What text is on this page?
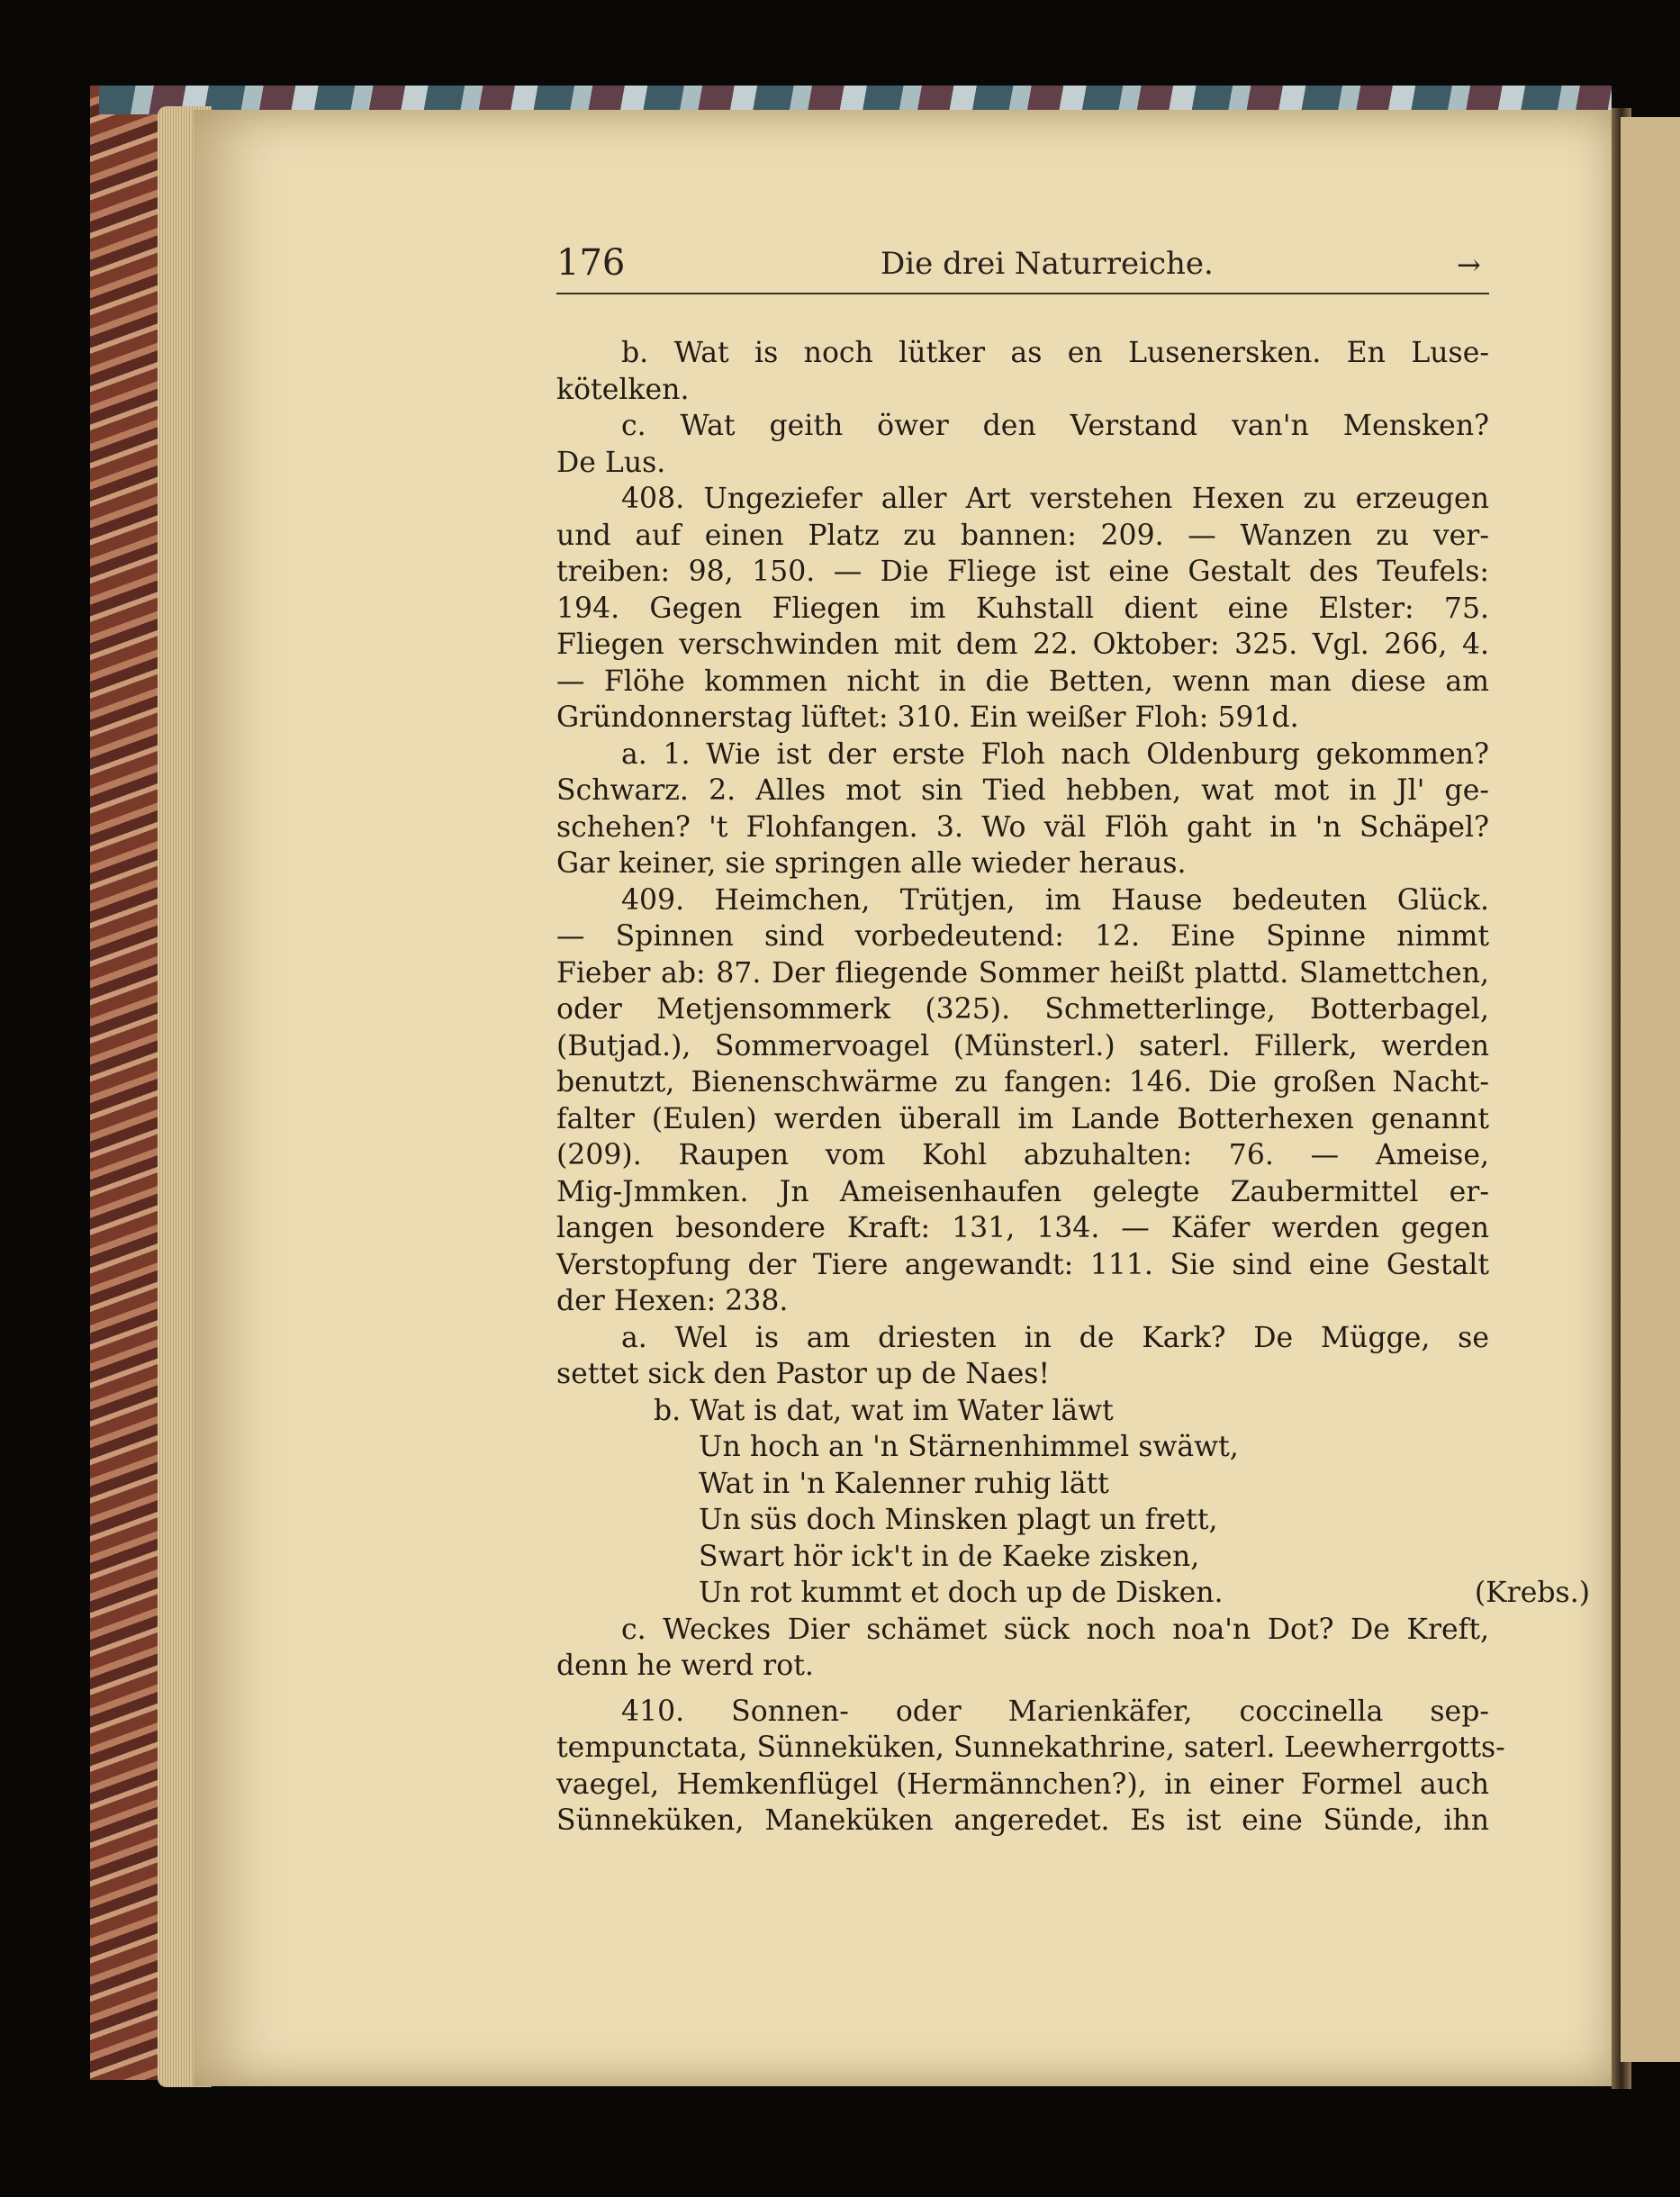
176	Die drei Naturreiche.	→
b. Wat is noch lütker as en Lusenersken. En Luse-
kötelken.
c. Wat geith öwer den Verstand van'n Mensken?
De Lus.
408. Ungeziefer aller Art verstehen Hexen zu erzeugen
und auf einen Platz zu bannen: 209. — Wanzen zu ver-
treiben: 98, 150. — Die Fliege ist eine Gestalt des Teufels:
194. Gegen Fliegen im Kuhstall dient eine Elster: 75.
Fliegen verschwinden mit dem 22. Oktober: 325. Vgl. 266, 4.
— Flöhe kommen nicht in die Betten, wenn man diese am
Gründonnerstag lüftet: 310. Ein weißer Floh: 591d.
a. 1. Wie ist der erste Floh nach Oldenburg gekommen?
Schwarz. 2. Alles mot sin Tied hebben, wat mot in Jl' ge-
schehen? 't Flohfangen. 3. Wo väl Flöh gaht in 'n Schäpel?
Gar keiner, sie springen alle wieder heraus.
409. Heimchen, Trütjen, im Hause bedeuten Glück.
— Spinnen sind vorbedeutend: 12. Eine Spinne nimmt
Fieber ab: 87. Der fliegende Sommer heißt plattd. Slamettchen,
oder Metjensommerk (325). Schmetterlinge, Botterbagel,
(Butjad.), Sommervoagel (Münsterl.) saterl. Fillerk, werden
benutzt, Bienenschwärme zu fangen: 146. Die großen Nacht-
falter (Eulen) werden überall im Lande Botterhexen genannt
(209). Raupen vom Kohl abzuhalten: 76. — Ameise,
Mig-Jmmken. Jn Ameisenhaufen gelegte Zaubermittel er-
langen besondere Kraft: 131, 134. — Käfer werden gegen
Verstopfung der Tiere angewandt: 111. Sie sind eine Gestalt
der Hexen: 238.
a. Wel is am driesten in de Kark? De Mügge, se
settet sick den Pastor up de Naes!
b. Wat is dat, wat im Water läwt
Un hoch an 'n Stärnenhimmel swäwt,
Wat in 'n Kalenner ruhig lätt
Un süs doch Minsken plagt un frett,
Swart hör ick't in de Kaeke zisken,
Un rot kummt et doch up de Disken.	(Krebs.)
c. Weckes Dier schämet sück noch noa'n Dot? De Kreft,
denn he werd rot.
410. Sonnen- oder Marienkäfer, coccinella sep-
tempunctata, Sünneküken, Sunnekathrine, saterl. Leewherrgotts-
vaegel, Hemkenflügel (Hermännchen?), in einer Formel auch
Sünneküken, Maneküken angeredet. Es ist eine Sünde, ihn
